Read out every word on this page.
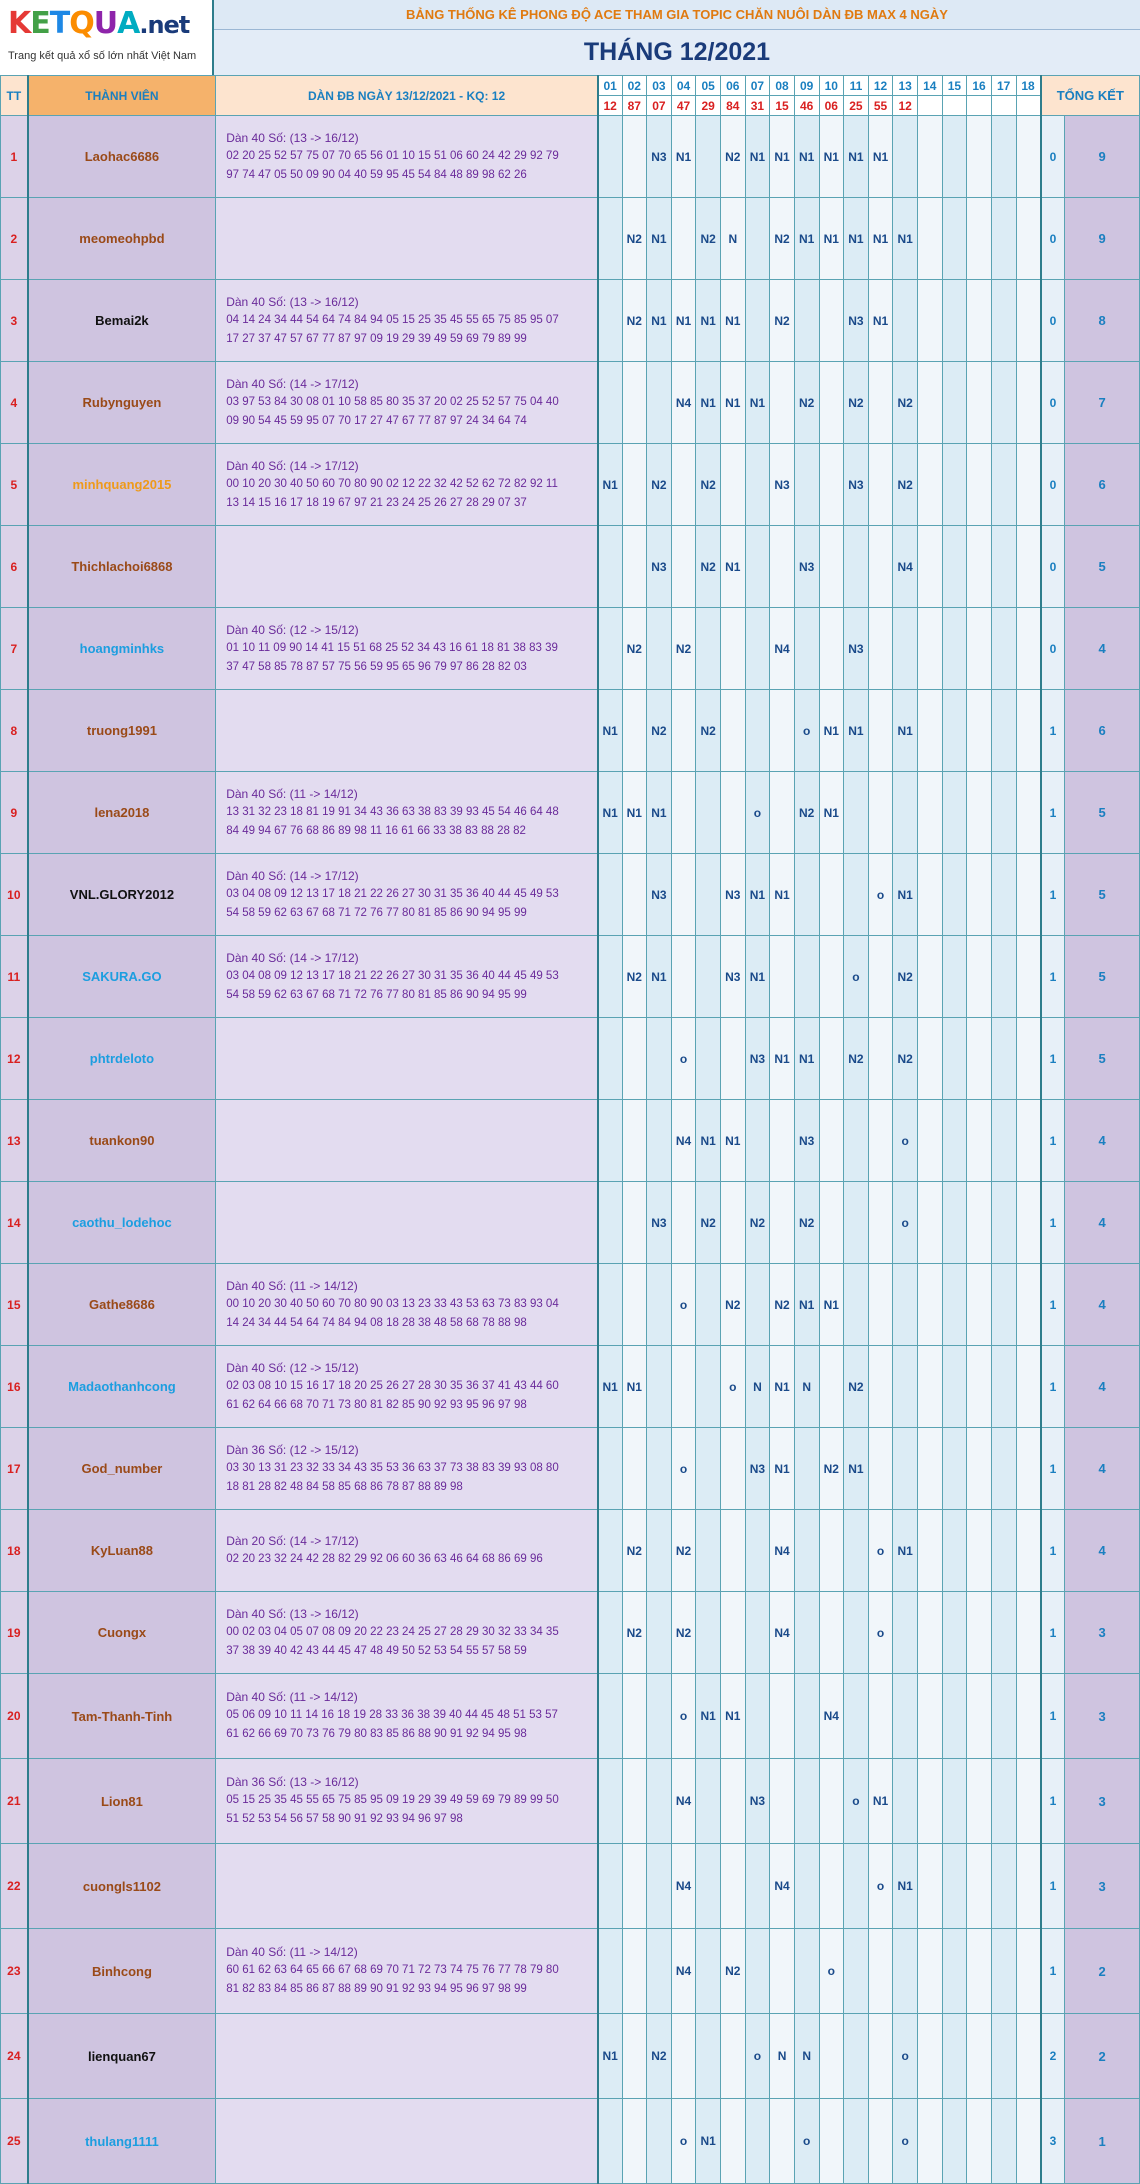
KETQUA.net
Trang kết quả xổ số lớn nhất Việt Nam
BẢNG THỐNG KÊ PHONG ĐỘ ACE THAM GIA TOPIC CHĂN NUÔI DÀN ĐB MAX 4 NGÀY
THÁNG 12/2021
TT	THÀNH VIÊN	DÀN ĐB NGÀY 13/12/2021 - KQ: 12	01	02	03	04	05	06	07	08	09	10	11	12	13	14	15	16	17	18	TỔNG KẾT	
			12	87	07	47	29	84	31	15	46	06	25	55	12							
1	Laohac6686	Dàn 40 Số: (13 -> 16/12)
02 20 25 52 57 75 07 70 65 56 01 10 15 51 06 60 24 42 29 92 79
97 74 47 05 50 09 90 04 40 59 95 45 54 84 48 89 98 62 26			N3	N1		N2	N1	N1	N1	N1	N1	N1							0	9
2	meomeohpbd			N2	N1		N2	N		N2	N1	N1	N1	N1	N1						0	9
3	Bemai2k	Dàn 40 Số: (13 -> 16/12)
04 14 24 34 44 54 64 74 84 94 05 15 25 35 45 55 65 75 85 95 07
17 27 37 47 57 67 77 87 97 09 19 29 39 49 59 69 79 89 99		N2	N1	N1	N1	N1		N2			N3	N1							0	8
4	Rubynguyen	Dàn 40 Số: (14 -> 17/12)
03 97 53 84 30 08 01 10 58 85 80 35 37 20 02 25 52 57 75 04 40
09 90 54 45 59 95 07 70 17 27 47 67 77 87 97 24 34 64 74				N4	N1	N1	N1		N2		N2		N2						0	7
5	minhquang2015	Dàn 40 Số: (14 -> 17/12)
00 10 20 30 40 50 60 70 80 90 02 12 22 32 42 52 62 72 82 92 11
13 14 15 16 17 18 19 67 97 21 23 24 25 26 27 28 29 07 37	N1		N2		N2			N3			N3		N2						0	6
6	Thichlachoi6868				N3		N2	N1			N3				N4						0	5
7	hoangminhks	Dàn 40 Số: (12 -> 15/12)
01 10 11 09 90 14 41 15 51 68 25 52 34 43 16 61 18 81 38 83 39
37 47 58 85 78 87 57 75 56 59 95 65 96 79 97 86 28 82 03		N2		N2				N4			N3								0	4
8	truong1991		N1		N2		N2				o	N1	N1		N1						1	6
9	lena2018	Dàn 40 Số: (11 -> 14/12)
13 31 32 23 18 81 19 91 34 43 36 63 38 83 39 93 45 54 46 64 48
84 49 94 67 76 68 86 89 98 11 16 61 66 33 38 83 88 28 82	N1	N1	N1				o		N2	N1									1	5
10	VNL.GLORY2012	Dàn 40 Số: (14 -> 17/12)
03 04 08 09 12 13 17 18 21 22 26 27 30 31 35 36 40 44 45 49 53
54 58 59 62 63 67 68 71 72 76 77 80 81 85 86 90 94 95 99			N3			N3	N1	N1				o	N1						1	5
11	SAKURA.GO	Dàn 40 Số: (14 -> 17/12)
03 04 08 09 12 13 17 18 21 22 26 27 30 31 35 36 40 44 45 49 53
54 58 59 62 63 67 68 71 72 76 77 80 81 85 86 90 94 95 99		N2	N1			N3	N1				o		N2						1	5
12	phtrdeloto					o			N3	N1	N1		N2		N2						1	5
13	tuankon90					N4	N1	N1			N3				o						1	4
14	caothu_lodehoc				N3		N2		N2		N2				o						1	4
15	Gathe8686	Dàn 40 Số: (11 -> 14/12)
00 10 20 30 40 50 60 70 80 90 03 13 23 33 43 53 63 73 83 93 04
14 24 34 44 54 64 74 84 94 08 18 28 38 48 58 68 78 88 98				o		N2		N2	N1	N1									1	4
16	Madaothanhcong	Dàn 40 Số: (12 -> 15/12)
02 03 08 10 15 16 17 18 20 25 26 27 28 30 35 36 37 41 43 44 60
61 62 64 66 68 70 71 73 80 81 82 85 90 92 93 95 96 97 98	N1	N1				o	N	N1	N		N2								1	4
17	God_number	Dàn 36 Số: (12 -> 15/12)
03 30 13 31 23 32 33 34 43 35 53 36 63 37 73 38 83 39 93 08 80
18 81 28 82 48 84 58 85 68 86 78 87 88 89 98				o			N3	N1		N2	N1								1	4
18	KyLuan88	Dàn 20 Số: (14 -> 17/12)
02 20 23 32 24 42 28 82 29 92 06 60 36 63 46 64 68 86 69 96		N2		N2				N4				o	N1						1	4
19	Cuongx	Dàn 40 Số: (13 -> 16/12)
00 02 03 04 05 07 08 09 20 22 23 24 25 27 28 29 30 32 33 34 35
37 38 39 40 42 43 44 45 47 48 49 50 52 53 54 55 57 58 59		N2		N2				N4				o							1	3
20	Tam-Thanh-Tinh	Dàn 40 Số: (11 -> 14/12)
05 06 09 10 11 14 16 18 19 28 33 36 38 39 40 44 45 48 51 53 57
61 62 66 69 70 73 76 79 80 83 85 86 88 90 91 92 94 95 98				o	N1	N1				N4									1	3
21	Lion81	Dàn 36 Số: (13 -> 16/12)
05 15 25 35 45 55 65 75 85 95 09 19 29 39 49 59 69 79 89 99 50
51 52 53 54 56 57 58 90 91 92 93 94 96 97 98				N4			N3				o	N1							1	3
22	cuongls1102					N4				N4				o	N1						1	3
23	Binhcong	Dàn 40 Số: (11 -> 14/12)
60 61 62 63 64 65 66 67 68 69 70 71 72 73 74 75 76 77 78 79 80
81 82 83 84 85 86 87 88 89 90 91 92 93 94 95 96 97 98 99				N4		N2				o									1	2
24	lienquan67		N1		N2				o	N	N				o						2	2
25	thulang1111					o	N1				o				o						3	1
